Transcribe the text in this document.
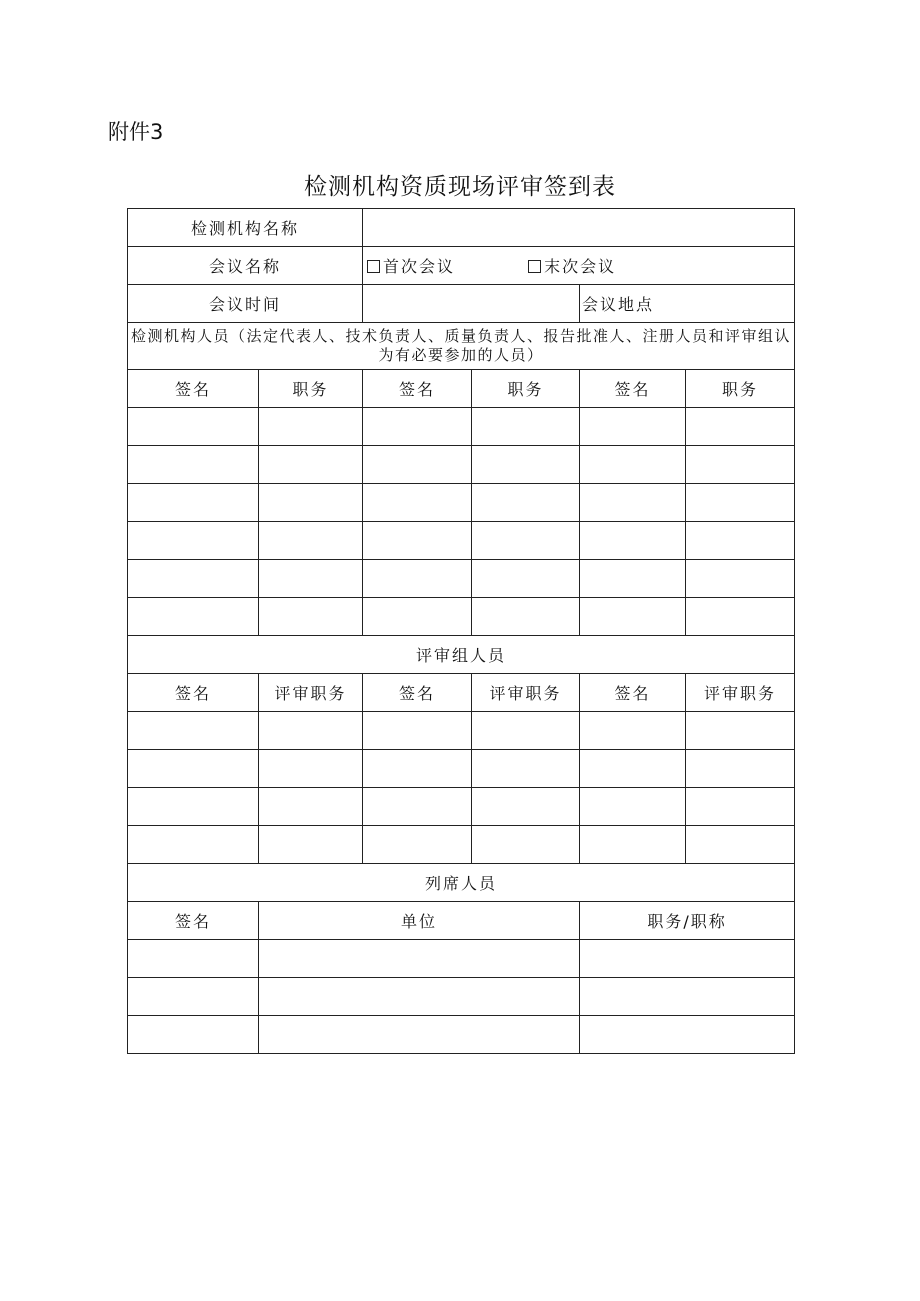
附件3
检测机构资质现场评审签到表
检测机构名称					
会议名称		首次会议 末次会议			
会议时间				会议地点	
检测机构人员（法定代表人、技术负责人、质量负责人、报告批准人、注册人员和评审组认为有必要参加的人员）					
签名	职务	签名	职务	签名	职务

评审组人员					
签名	评审职务	签名	评审职务	签名	评审职务

列席人员					
签名	单位			职务/职称	
